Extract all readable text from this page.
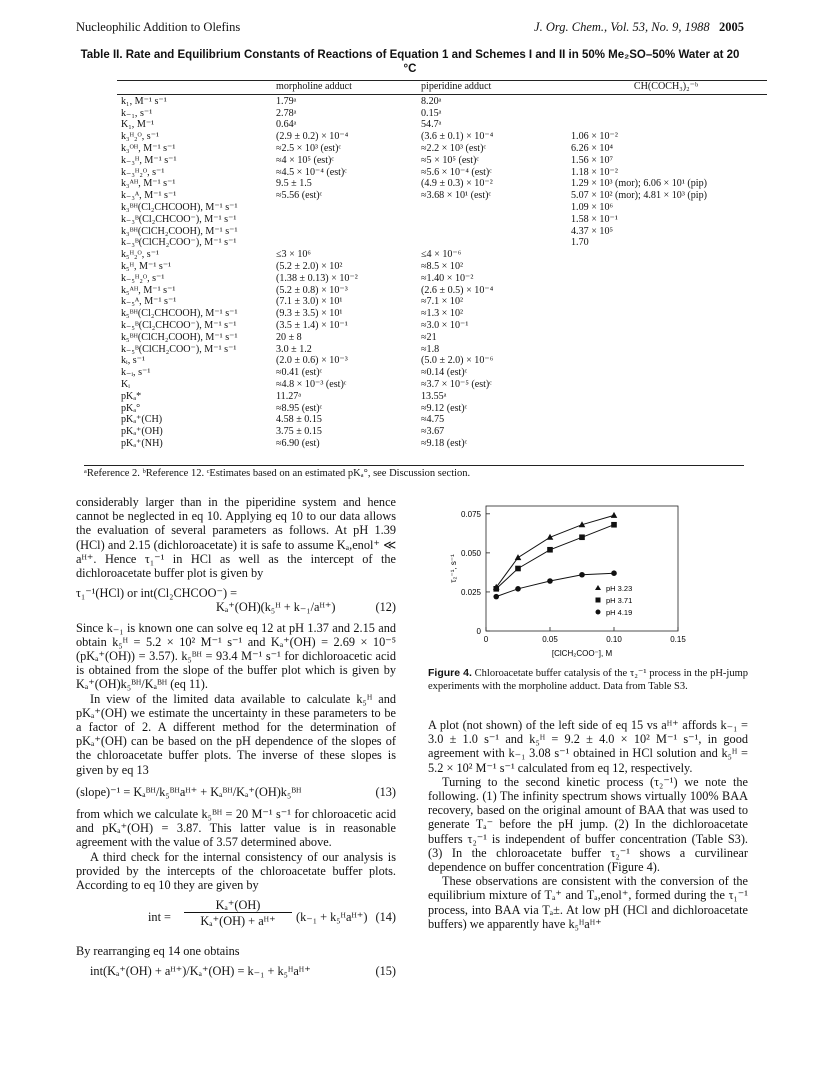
Nucleophilic Addition to Olefins	J. Org. Chem., Vol. 53, No. 9, 1988 2005
Table II. Rate and Equilibrium Constants of Reactions of Equation 1 and Schemes I and II in 50% Me₂SO–50% Water at 20
°C
	morpholine adduct	piperidine adduct	CH(COCH₃)₂⁻ᵇ
k₁, M⁻¹ s⁻¹	1.79ᵃ	8.20ᵃ	
k₋₁, s⁻¹	2.78ᵃ	0.15ᵃ	
K₁, M⁻¹	0.64ᵃ	54.7ᵃ	
k₃ᴴ₂ᴼ, s⁻¹	(2.9 ± 0.2) × 10⁻⁴	(3.6 ± 0.1) × 10⁻⁴	1.06 × 10⁻²
k₃ᴼᴴ, M⁻¹ s⁻¹	≈2.5 × 10³ (est)ᶜ	≈2.2 × 10³ (est)ᶜ	6.26 × 10⁴
k₋₃ᴴ, M⁻¹ s⁻¹	≈4 × 10⁵ (est)ᶜ	≈5 × 10⁵ (est)ᶜ	1.56 × 10⁷
k₋₃ᴴ₂ᴼ, s⁻¹	≈4.5 × 10⁻⁴ (est)ᶜ	≈5.6 × 10⁻⁴ (est)ᶜ	1.18 × 10⁻²
k₃ᴬᴴ, M⁻¹ s⁻¹	9.5 ± 1.5	(4.9 ± 0.3) × 10⁻²	1.29 × 10³ (mor); 6.06 × 10¹ (pip)
k₋₃ᴬ, M⁻¹ s⁻¹	≈5.56 (est)ᶜ	≈3.68 × 10¹ (est)ᶜ	5.07 × 10² (mor); 4.81 × 10³ (pip)
k₃ᴮᴴ(Cl₂CHCOOH), M⁻¹ s⁻¹			1.09 × 10⁶
k₋₃ᴮ(Cl₂CHCOO⁻), M⁻¹ s⁻¹			1.58 × 10⁻¹
k₃ᴮᴴ(ClCH₂COOH), M⁻¹ s⁻¹			4.37 × 10⁵
k₋₃ᴮ(ClCH₂COO⁻), M⁻¹ s⁻¹			1.70
k₅ᴴ₂ᴼ, s⁻¹	≤3 × 10⁶	≤4 × 10⁻⁶	
k₅ᴴ, M⁻¹ s⁻¹	(5.2 ± 2.0) × 10²	≈8.5 × 10²	
k₋₅ᴴ₂ᴼ, s⁻¹	(1.38 ± 0.13) × 10⁻²	≈1.40 × 10⁻²	
k₅ᴬᴴ, M⁻¹ s⁻¹	(5.2 ± 0.8) × 10⁻³	(2.6 ± 0.5) × 10⁻⁴	
k₋₅ᴬ, M⁻¹ s⁻¹	(7.1 ± 3.0) × 10¹	≈7.1 × 10²	
k₅ᴮᴴ(Cl₂CHCOOH), M⁻¹ s⁻¹	(9.3 ± 3.5) × 10¹	≈1.3 × 10²	
k₋₅ᴮ(Cl₂CHCOO⁻), M⁻¹ s⁻¹	(3.5 ± 1.4) × 10⁻¹	≈3.0 × 10⁻¹	
k₅ᴮᴴ(ClCH₂COOH), M⁻¹ s⁻¹	20 ± 8	≈21	
k₋₅ᴮ(ClCH₂COO⁻), M⁻¹ s⁻¹	3.0 ± 1.2	≈1.8	
kᵢ, s⁻¹	(2.0 ± 0.6) × 10⁻³	(5.0 ± 2.0) × 10⁻⁶	
k₋ᵢ, s⁻¹	≈0.41 (est)ᶜ	≈0.14 (est)ᶜ	
Kᵢ	≈4.8 × 10⁻³ (est)ᶜ	≈3.7 × 10⁻⁵ (est)ᶜ	
pKₐ*	11.27ᵃ	13.55ᵃ	
pKₐ°	≈8.95 (est)ᶜ	≈9.12 (est)ᶜ	
pKₐ⁺(CH)	4.58 ± 0.15	≈4.75	
pKₐ⁺(OH)	3.75 ± 0.15	≈3.67	
pKₐ⁺(NH)	≈6.90 (est)	≈9.18 (est)ᶜ	
ᵃReference 2. ᵇReference 12. ᶜEstimates based on an estimated pKₐ°, see Discussion section.

considerably larger than in the piperidine system and hence cannot be neglected in eq 10. Applying eq 10 to our data allows the evaluation of several parameters as follows. At pH 1.39 (HCl) and 2.15 (dichloroacetate) it is safe to assume Kₐ,enol⁺ ≪ aᴴ⁺. Hence τ₁⁻¹ in HCl as well as the intercept of the dichloroacetate buffer plot is given by

τ₁⁻¹(HCl) or int(Cl₂CHCOO⁻) =
Kₐ⁺(OH)(k₅ᴴ + k₋₁/aᴴ⁺)	(12)

Since k₋₁ is known one can solve eq 12 at pH 1.37 and 2.15 and obtain k₅ᴴ = 5.2 × 10² M⁻¹ s⁻¹ and Kₐ⁺(OH) = 2.69 × 10⁻⁵ (pKₐ⁺(OH)) = 3.57). k₅ᴮᴴ = 93.4 M⁻¹ s⁻¹ for dichloroacetic acid is obtained from the slope of the buffer plot which is given by Kₐ⁺(OH)k₅ᴮᴴ/Kₐᴮᴴ (eq 11).

In view of the limited data available to calculate k₅ᴴ and pKₐ⁺(OH) we estimate the uncertainty in these parameters to be a factor of 2. A different method for the determination of pKₐ⁺(OH) can be based on the pH dependence of the slopes of the chloroacetate buffer plots. The inverse of these slopes is given by eq 13

(slope)⁻¹ = Kₐᴮᴴ/k₅ᴮᴴaᴴ⁺ + Kₐᴮᴴ/Kₐ⁺(OH)k₅ᴮᴴ	(13)

from which we calculate k₅ᴮᴴ = 20 M⁻¹ s⁻¹ for chloroacetic acid and pKₐ⁺(OH) = 3.87. This latter value is in reasonable agreement with the value of 3.57 determined above.

A third check for the internal consistency of our analysis is provided by the intercepts of the chloroacetate buffer plots. According to eq 10 they are given by

int =
Kₐ⁺(OH)
Kₐ⁺(OH) + aᴴ⁺	(k₋₁ + k₅ᴴaᴴ⁺) (14)

By rearranging eq 14 one obtains

int(Kₐ⁺(OH) + aᴴ⁺)/Kₐ⁺(OH) = k₋₁ + k₅ᴴaᴴ⁺	(15)
0
0.025
0.050
0.075
0	0.05	0.10	0.15
[ClCH₂COO⁻], M
τ₂⁻¹, s⁻¹
pH 3.23
pH 3.71
pH 4.19
Figure 4. Chloroacetate buffer catalysis of the τ₂⁻¹ process in the pH-jump experiments with the morpholine adduct. Data from Table S3.

A plot (not shown) of the left side of eq 15 vs aᴴ⁺ affords k₋₁ = 3.0 ± 1.0 s⁻¹ and k₅ᴴ = 9.2 ± 4.0 × 10² M⁻¹ s⁻¹, in good agreement with k₋₁ 3.08 s⁻¹ obtained in HCl solution and k₅ᴴ = 5.2 × 10² M⁻¹ s⁻¹ calculated from eq 12, respectively.

Turning to the second kinetic process (τ₂⁻¹) we note the following. (1) The infinity spectrum shows virtually 100% BAA recovery, based on the original amount of BAA that was used to generate Tₐ⁻ before the pH jump. (2) In the dichloroacetate buffers τ₂⁻¹ is independent of buffer concentration (Table S3). (3) In the chloroacetate buffer τ₂⁻¹ shows a curvilinear dependence on buffer concentration (Figure 4).

These observations are consistent with the conversion of the equilibrium mixture of Tₐ⁺ and Tₐ,enol⁺, formed during the τ₁⁻¹ process, into BAA via Tₐ±. At low pH (HCl and dichloroacetate buffers) we apparently have k₅ᴴaᴴ⁺
